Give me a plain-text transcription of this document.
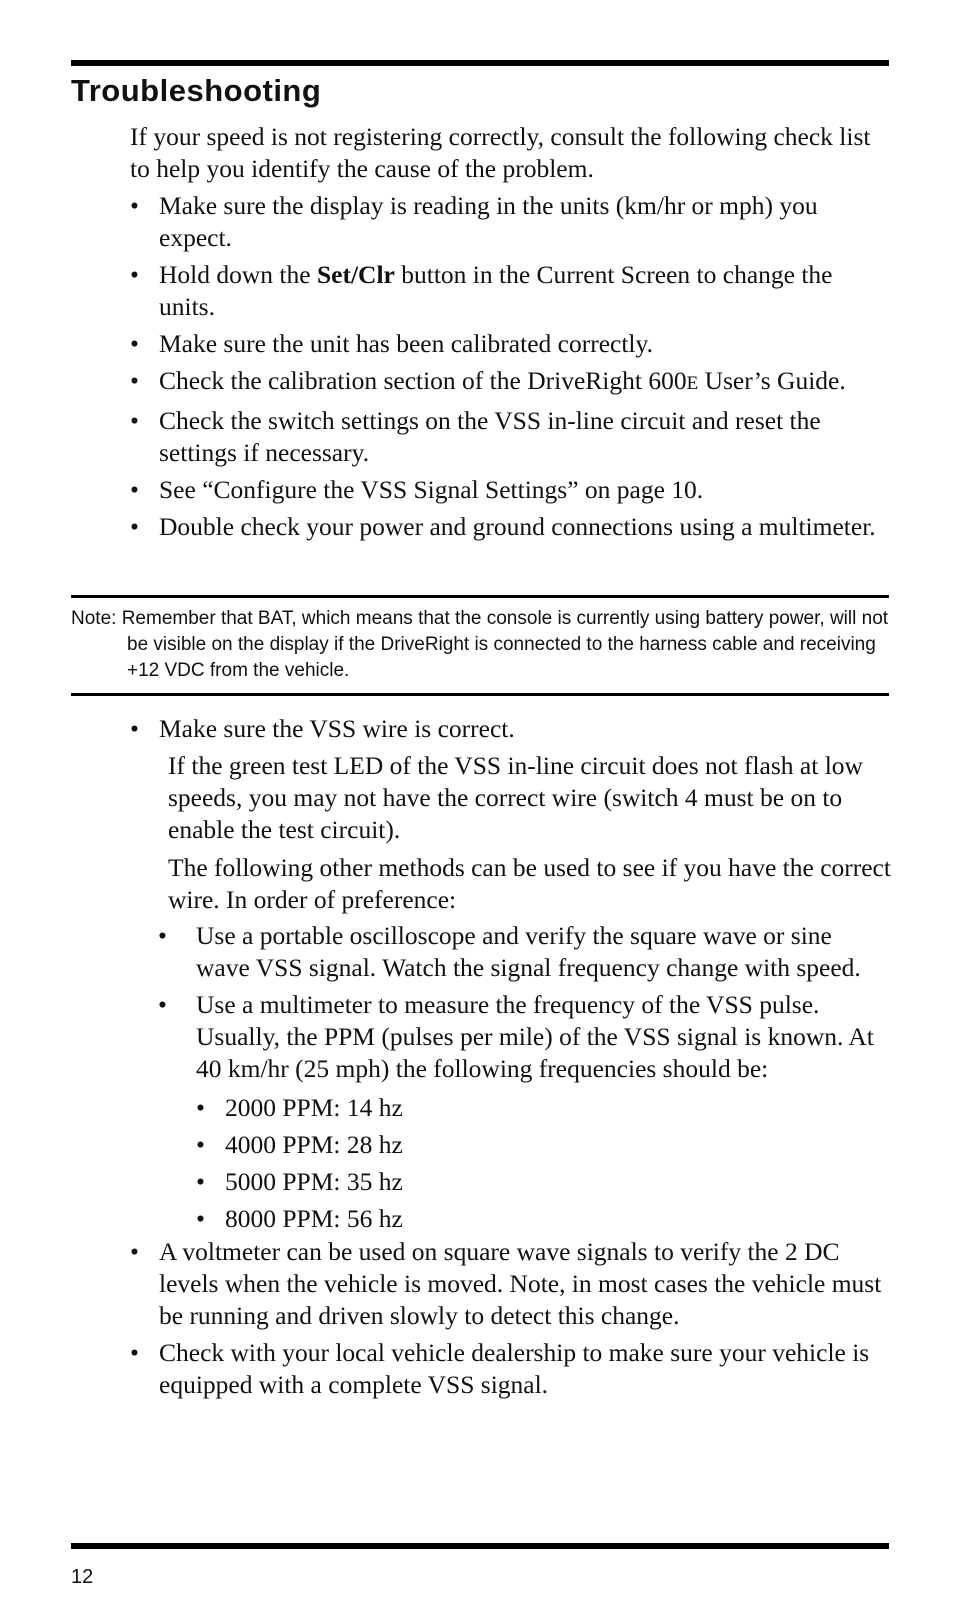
Troubleshooting

If your speed is not registering correctly, consult the following check list to help you identify the cause of the problem.

• Make sure the display is reading in the units (km/hr or mph) you expect.
• Hold down the Set/Clr button in the Current Screen to change the units.
• Make sure the unit has been calibrated correctly.
• Check the calibration section of the DriveRight 600E User’s Guide.
• Check the switch settings on the VSS in-line circuit and reset the settings if necessary.
• See “Configure the VSS Signal Settings” on page 10.
• Double check your power and ground connections using a multimeter.
Note: Remember that BAT, which means that the console is currently using battery power, will not be visible on the display if the DriveRight is connected to the harness cable and receiving +12 VDC from the vehicle.
• Make sure the VSS wire is correct.

If the green test LED of the VSS in-line circuit does not flash at low speeds, you may not have the correct wire (switch 4 must be on to enable the test circuit).

The following other methods can be used to see if you have the correct wire. In order of preference:

• Use a portable oscilloscope and verify the square wave or sine wave VSS signal. Watch the signal frequency change with speed.
• Use a multimeter to measure the frequency of the VSS pulse. Usually, the PPM (pulses per mile) of the VSS signal is known. At 40 km/hr (25 mph) the following frequencies should be:
• 2000 PPM: 14 hz
• 4000 PPM: 28 hz
• 5000 PPM: 35 hz
• 8000 PPM: 56 hz
• A voltmeter can be used on square wave signals to verify the 2 DC levels when the vehicle is moved. Note, in most cases the vehicle must be running and driven slowly to detect this change.
• Check with your local vehicle dealership to make sure your vehicle is equipped with a complete VSS signal.
12
